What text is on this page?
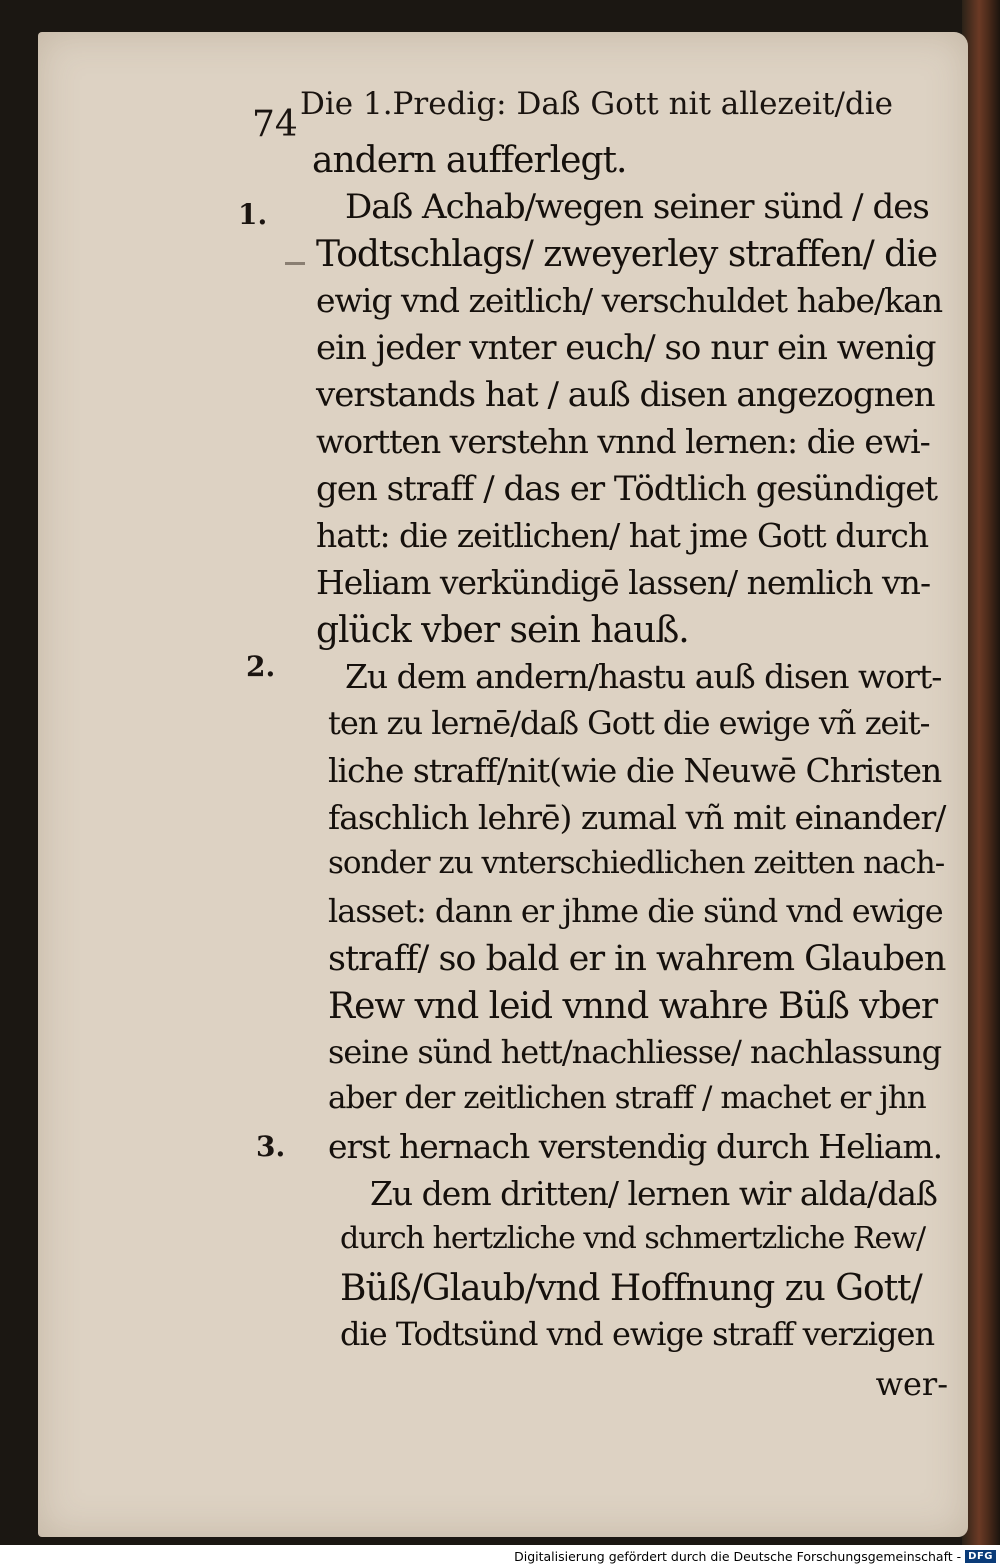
74 Die 1.Predig: Daß Gott nit allezeit/die
1.
2.
3.
andern aufferlegt.
Daß Achab/wegen seiner sünd / des
Todtschlags/ zweyerley straffen/ die
ewig vnd zeitlich/ verschuldet habe/kan
ein jeder vnter euch/ so nur ein wenig
verstands hat / auß disen angezognen
wortten verstehn vnnd lernen: die ewi-
gen straff / das er Tödtlich gesündiget
hatt: die zeitlichen/ hat jme Gott durch
Heliam verkündigē lassen/ nemlich vn-
glück vber sein hauß.
Zu dem andern/hastu auß disen wort-
ten zu lernē/daß Gott die ewige vñ zeit-
liche straff/nit(wie die Neuwē Christen
faschlich lehrē) zumal vñ mit einander/
sonder zu vnterschiedlichen zeitten nach-
lasset: dann er jhme die sünd vnd ewige
straff/ so bald er in wahrem Glauben
Rew vnd leid vnnd wahre Büß vber
seine sünd hett/nachliesse/ nachlassung
aber der zeitlichen straff / machet er jhn
erst hernach verstendig durch Heliam.
Zu dem dritten/ lernen wir alda/daß
durch hertzliche vnd schmertzliche Rew/
Büß/Glaub/vnd Hoffnung zu Gott/
die Todtsünd vnd ewige straff verzigen
wer-
Digitalisierung gefördert durch die Deutsche Forschungsgemeinschaft - DFG
